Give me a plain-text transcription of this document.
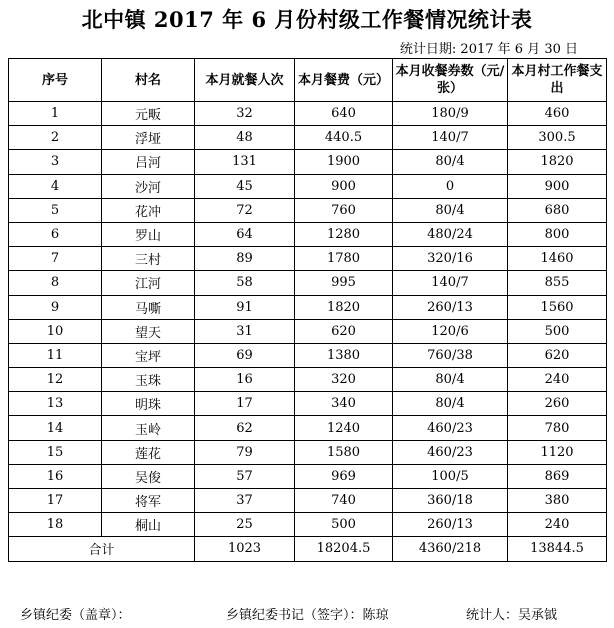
北中镇 2017 年 6 月份村级工作餐情况统计表
统计日期: 2017 年 6 月 30 日
序号	村名	本月就餐人次	本月餐费（元）	本月收餐券数（元/张）	本月村工作餐支出
1	元畈	32	640	180/9	460
2	浮垭	48	440.5	140/7	300.5
3	吕河	131	1900	80/4	1820
4	沙河	45	900	0	900
5	花冲	72	760	80/4	680
6	罗山	64	1280	480/24	800
7	三村	89	1780	320/16	1460
8	江河	58	995	140/7	855
9	马嘶	91	1820	260/13	1560
10	望天	31	620	120/6	500
11	宝坪	69	1380	760/38	620
12	玉珠	16	320	80/4	240
13	明珠	17	340	80/4	260
14	玉岭	62	1240	460/23	780
15	莲花	79	1580	460/23	1120
16	吴俊	57	969	100/5	869
17	将军	37	740	360/18	380
18	桐山	25	500	260/13	240
合计		1023	18204.5	4360/218	13844.5
乡镇纪委（盖章）：	乡镇纪委书记（签字）：陈琼	统计人：吴承钺
